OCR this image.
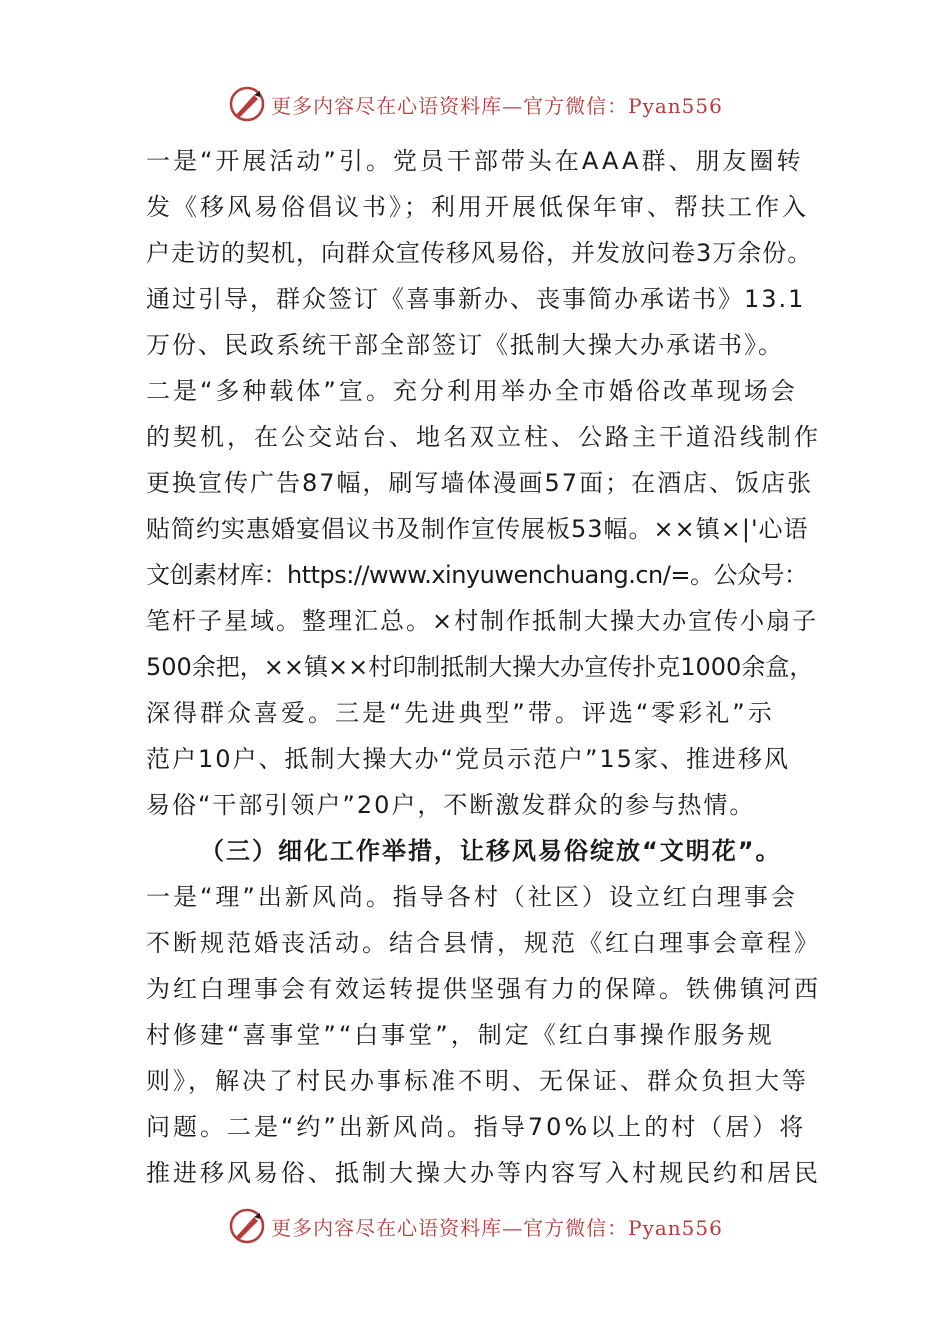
更多内容尽在心语资料库—官方微信：Pyan556
一是“开展活动”引。党员干部带头在AAA群、朋友圈转
发《移风易俗倡议书》；利用开展低保年审、帮扶工作入
户走访的契机，向群众宣传移风易俗，并发放问卷3万余份。
通过引导，群众签订《喜事新办、丧事简办承诺书》13.1
万份、民政系统干部全部签订《抵制大操大办承诺书》。
二是“多种载体”宣。充分利用举办全市婚俗改革现场会
的契机，在公交站台、地名双立柱、公路主干道沿线制作
更换宣传广告87幅，刷写墙体漫画57面；在酒店、饭店张
贴简约实惠婚宴倡议书及制作宣传展板53幅。××镇×|'心语
文创素材库：https://www.xinyuwenchuang.cn/=。公众号：
笔杆子星域。整理汇总。×村制作抵制大操大办宣传小扇子
500余把，××镇××村印制抵制大操大办宣传扑克1000余盒，
深得群众喜爱。三是“先进典型”带。评选“零彩礼”示
范户10户、抵制大操大办“党员示范户”15家、推进移风
易俗“干部引领户”20户，不断激发群众的参与热情。
（三）细化工作举措，让移风易俗绽放“文明花”。
一是“理”出新风尚。指导各村（社区）设立红白理事会
不断规范婚丧活动。结合县情，规范《红白理事会章程》
为红白理事会有效运转提供坚强有力的保障。铁佛镇河西
村修建“喜事堂”“白事堂”，制定《红白事操作服务规
则》，解决了村民办事标准不明、无保证、群众负担大等
问题。二是“约”出新风尚。指导70%以上的村（居）将
推进移风易俗、抵制大操大办等内容写入村规民约和居民
更多内容尽在心语资料库—官方微信：Pyan556
